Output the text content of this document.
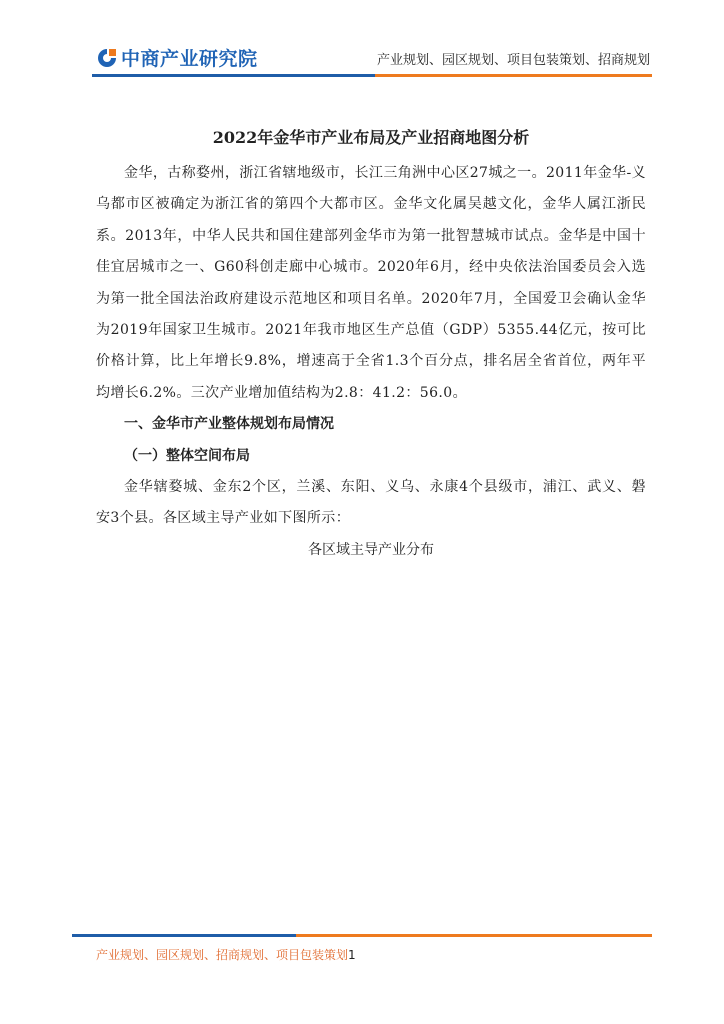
中商产业研究院	产业规划、园区规划、项目包装策划、招商规划
2022年金华市产业布局及产业招商地图分析

金华，古称婺州，浙江省辖地级市，长江三角洲中心区27城之一。2011年金华-义乌都市区被确定为浙江省的第四个大都市区。金华文化属吴越文化，金华人属江浙民系。2013年，中华人民共和国住建部列金华市为第一批智慧城市试点。金华是中国十佳宜居城市之一、G60科创走廊中心城市。2020年6月，经中央依法治国委员会入选为第一批全国法治政府建设示范地区和项目名单。2020年7月，全国爱卫会确认金华为2019年国家卫生城市。2021年我市地区生产总值（GDP）5355.44亿元，按可比价格计算，比上年增长9.8%，增速高于全省1.3个百分点，排名居全省首位，两年平均增长6.2%。三次产业增加值结构为2.8：41.2：56.0。

一、金华市产业整体规划布局情况

（一）整体空间布局

金华辖婺城、金东2个区，兰溪、东阳、义乌、永康4个县级市，浦江、武义、磐安3个县。各区域主导产业如下图所示：

各区域主导产业分布

产业规划、园区规划、招商规划、项目包装策划1
